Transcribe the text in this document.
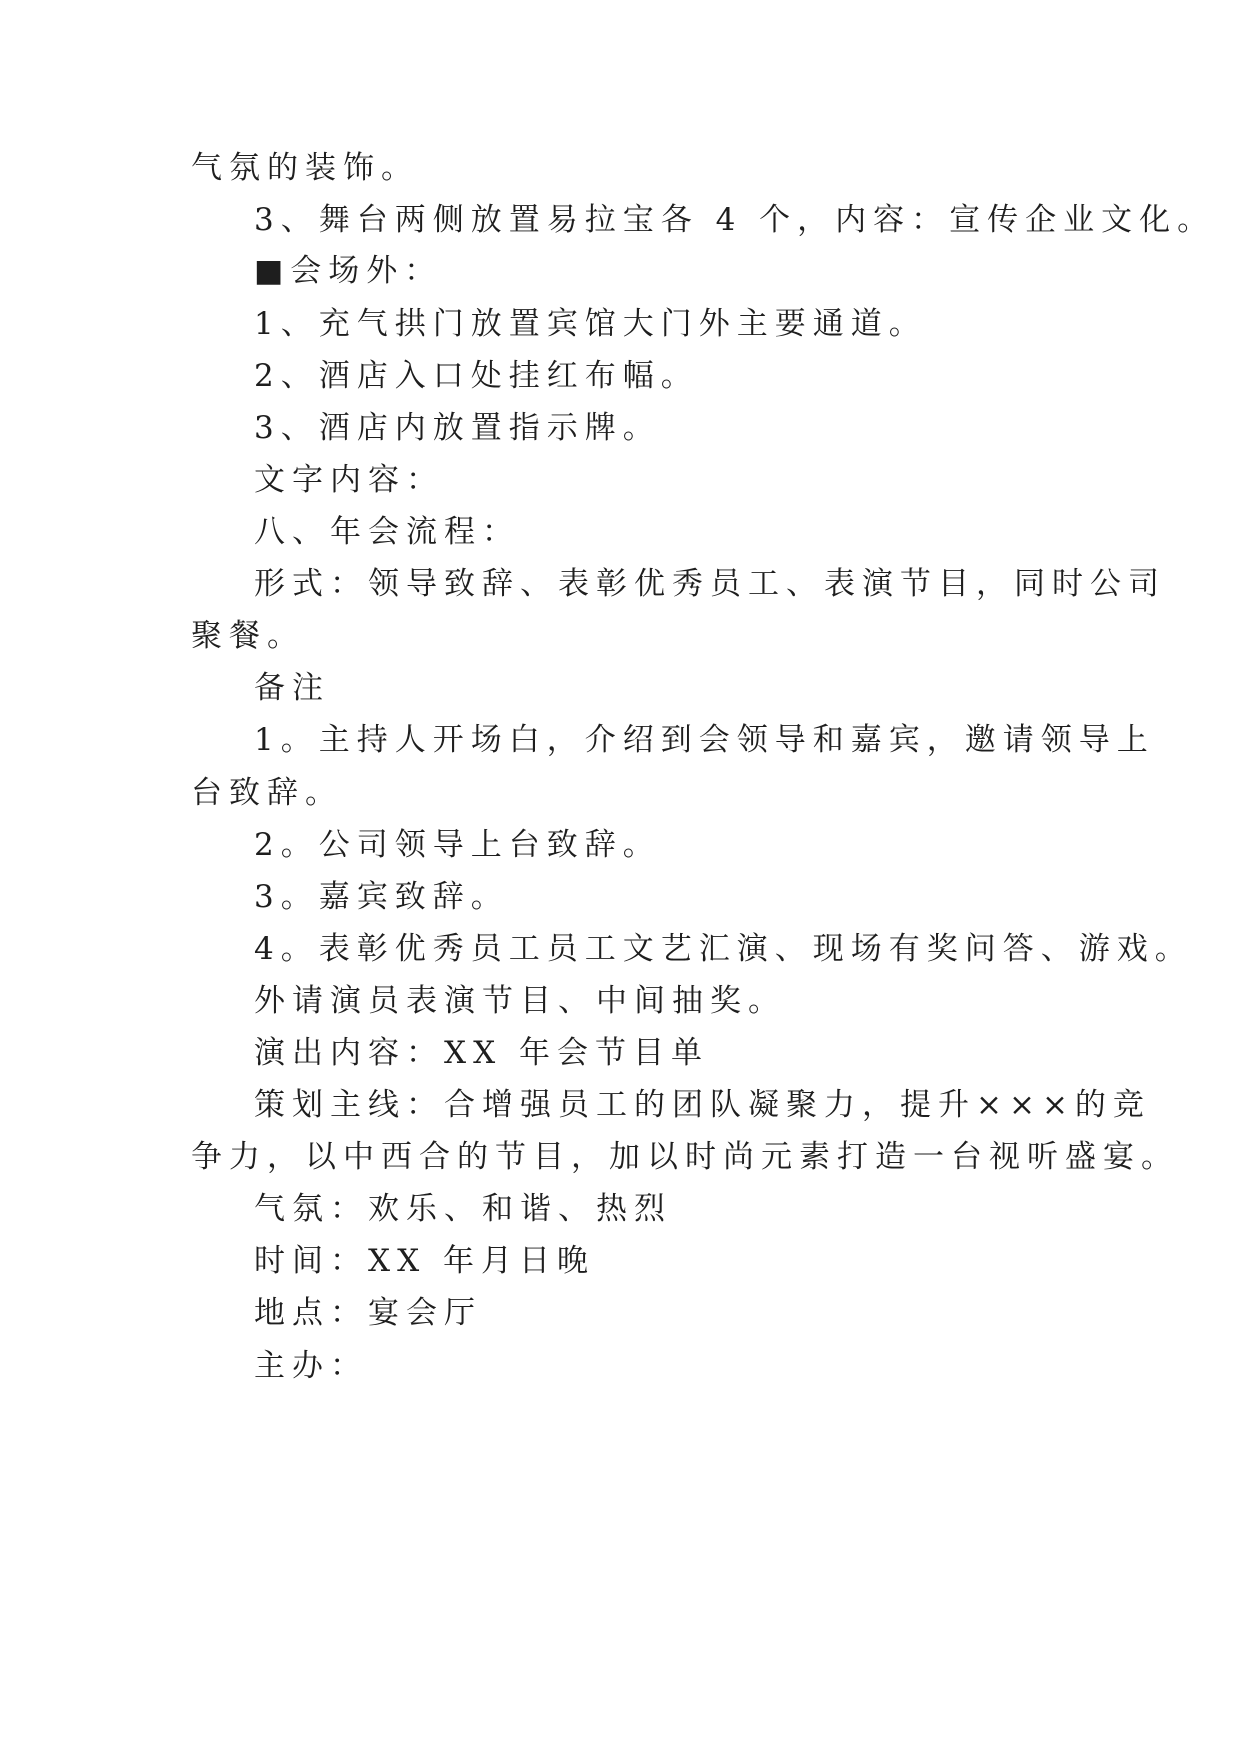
气氛的装饰。
3、舞台两侧放置易拉宝各 4 个，内容：宣传企业文化。
■会场外：
1、充气拱门放置宾馆大门外主要通道。
2、酒店入口处挂红布幅。
3、酒店内放置指示牌。
文字内容：
八、年会流程：
形式：领导致辞、表彰优秀员工、表演节目，同时公司
聚餐。
备注
1。主持人开场白，介绍到会领导和嘉宾，邀请领导上
台致辞。
2。公司领导上台致辞。
3。嘉宾致辞。
4。表彰优秀员工员工文艺汇演、现场有奖问答、游戏。
外请演员表演节目、中间抽奖。
演出内容：XX 年会节目单
策划主线：合增强员工的团队凝聚力，提升×××的竞
争力，以中西合的节目，加以时尚元素打造一台视听盛宴。
气氛：欢乐、和谐、热烈
时间：XX 年月日晚
地点：宴会厅
主办：
